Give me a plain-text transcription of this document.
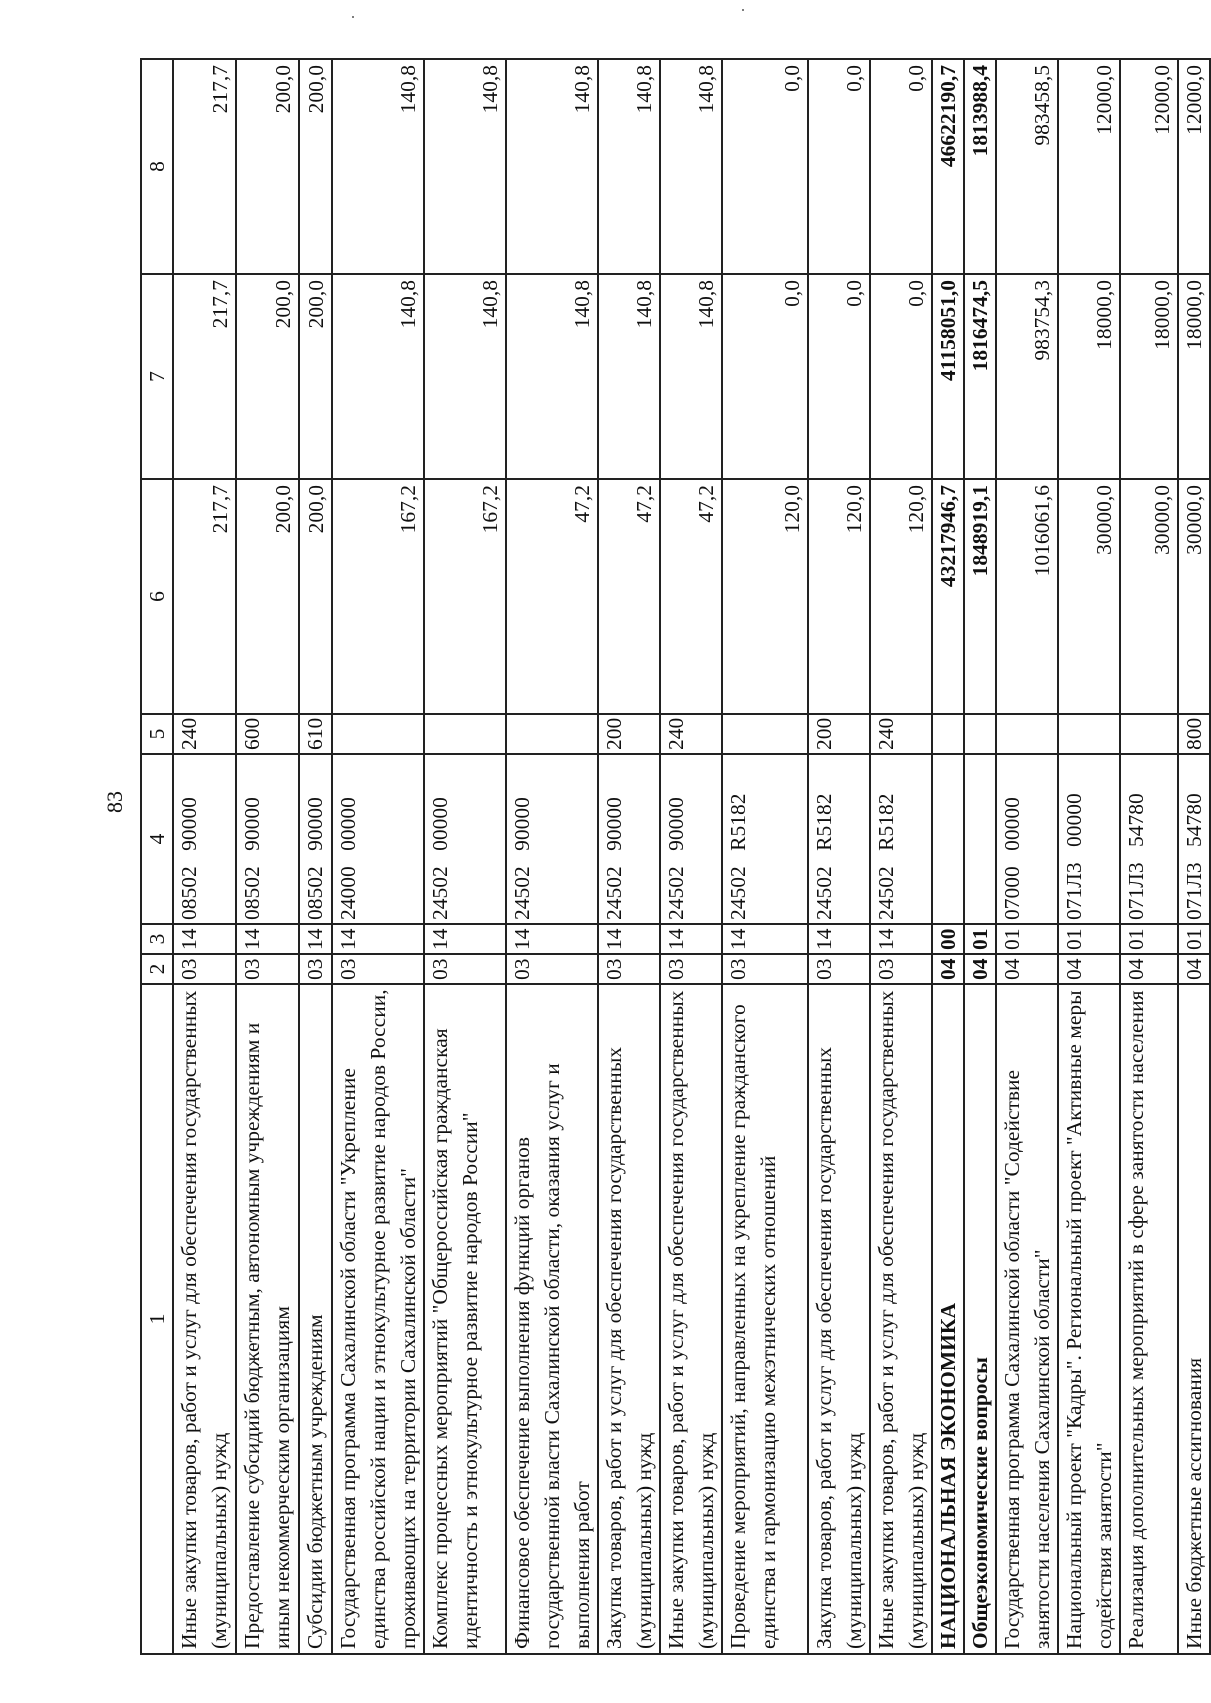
83
1	2	3	4	5	6	7	8
Иные закупки товаров, работ и услуг для обеспечения государственных (муниципальных) нужд	03	14	08502 90000	240	217,7	217,7	217,7
Предоставление субсидий бюджетным, автономным учреждениям и иным некоммерческим организациям	03	14	08502 90000	600	200,0	200,0	200,0
Субсидии бюджетным учреждениям	03	14	08502 90000	610	200,0	200,0	200,0
Государственная программа Сахалинской области "Укрепление единства российской нации и этнокультурное развитие народов России, проживающих на территории Сахалинской области"	03	14	24000 00000		167,2	140,8	140,8
Комплекс процессных мероприятий "Общероссийская гражданская идентичность и этнокультурное развитие народов России"	03	14	24502 00000		167,2	140,8	140,8
Финансовое обеспечение выполнения функций органов государственной власти Сахалинской области, оказания услуг и выполнения работ	03	14	24502 90000		47,2	140,8	140,8
Закупка товаров, работ и услуг для обеспечения государственных (муниципальных) нужд	03	14	24502 90000	200	47,2	140,8	140,8
Иные закупки товаров, работ и услуг для обеспечения государственных (муниципальных) нужд	03	14	24502 90000	240	47,2	140,8	140,8
Проведение мероприятий, направленных на укрепление гражданского единства и гармонизацию межэтнических отношений	03	14	24502 R5182		120,0	0,0	0,0
Закупка товаров, работ и услуг для обеспечения государственных (муниципальных) нужд	03	14	24502 R5182	200	120,0	0,0	0,0
Иные закупки товаров, работ и услуг для обеспечения государственных (муниципальных) нужд	03	14	24502 R5182	240	120,0	0,0	0,0
НАЦИОНАЛЬНАЯ ЭКОНОМИКА	04	00			43217946,7	41158051,0	46622190,7
Общеэкономические вопросы	04	01			1848919,1	1816474,5	1813988,4
Государственная программа Сахалинской области "Содействие занятости населения Сахалинской области"	04	01	07000 00000		1016061,6	983754,3	983458,5
Национальный проект "Кадры". Региональный проект "Активные меры содействия занятости"	04	01	071Л3 00000		30000,0	18000,0	12000,0
Реализация дополнительных мероприятий в сфере занятости населения	04	01	071Л3 54780		30000,0	18000,0	12000,0
Иные бюджетные ассигнования	04	01	071Л3 54780	800	30000,0	18000,0	12000,0
